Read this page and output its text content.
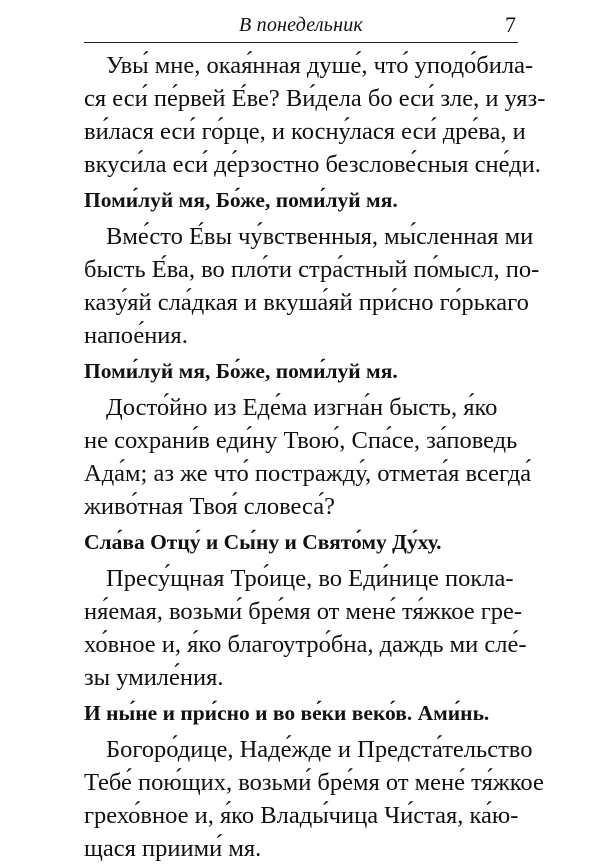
В понедельник	7

Увы́ мне, окая́нная душе́, что́ уподо́била-
ся еси́ пе́рвей Е́ве? Ви́дела бо еси́ зле, и уяз-
ви́лася еси́ го́рце, и косну́лася еси́ дре́ва, и
вкуси́ла еси́ де́рзостно безслове́сныя сне́ди.

Поми́луй мя, Бо́же, поми́луй мя.

Вме́сто Е́вы чу́вственныя, мы́сленная ми
бысть Е́ва, во пло́ти стра́стный по́мысл, по-
казу́яй сла́дкая и вкуша́яй при́сно го́рькаго
напое́ния.

Поми́луй мя, Бо́же, поми́луй мя.

Досто́йно из Еде́ма изгна́н бысть, я́ко
не сохрани́в еди́ну Твою́, Спа́се, за́поведь
Ада́м; аз же что́ постражду́, отмета́я всегда́
живо́тная Твоя́ словеса́?

Сла́ва Отцу́ и Сы́ну и Свято́му Ду́ху.

Пресу́щная Тро́ице, во Еди́нице покла-
ня́емая, возьми́ бре́мя от мене́ тя́жкое гре-
хо́вное и, я́ко благоутро́бна, даждь ми сле́-
зы умиле́ния.

И ны́не и при́сно и во ве́ки веко́в. Ами́нь.

Богоро́дице, Наде́жде и Предста́тельство
Тебе́ пою́щих, возьми́ бре́мя от мене́ тя́жкое
грехо́вное и, я́ко Влады́чица Чи́стая, ка́ю-
щася приими́ мя.
